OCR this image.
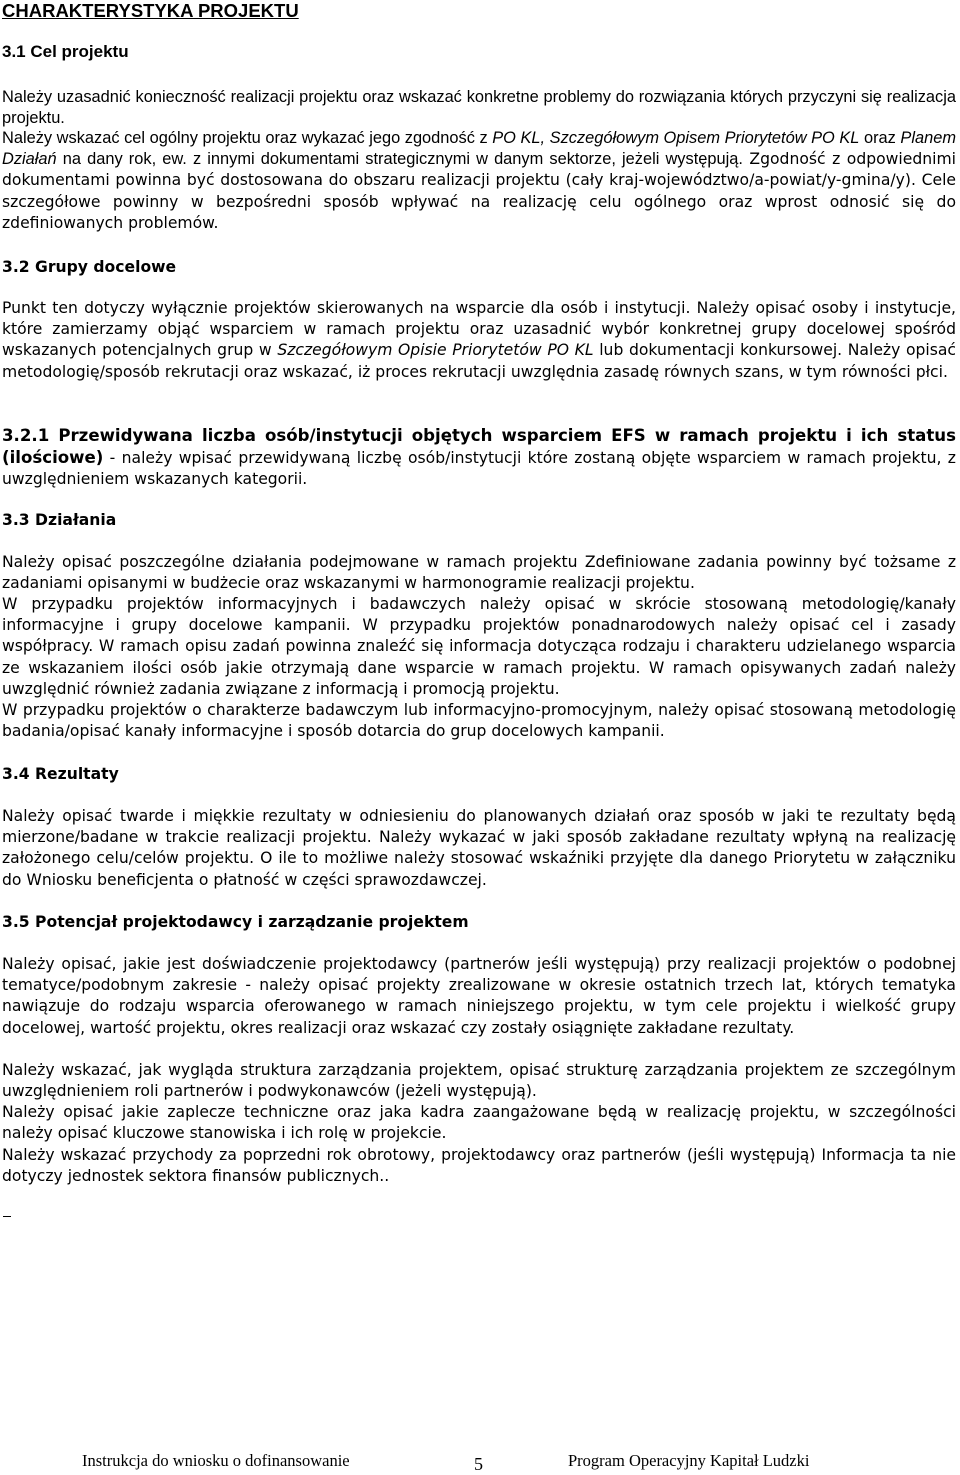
CHARAKTERYSTYKA PROJEKTU

3.1 Cel projektu

Należy uzasadnić konieczność realizacji projektu oraz wskazać konkretne problemy do rozwiązania których przyczyni się realizacja projektu.

Należy wskazać cel ogólny projektu oraz wykazać jego zgodność z PO KL, Szczegółowym Opisem Priorytetów PO KL oraz Planem Działań na dany rok, ew. z innymi dokumentami strategicznymi w danym sektorze, jeżeli występują. Zgodność z odpowiednimi dokumentami powinna być dostosowana do obszaru realizacji projektu (cały kraj-województwo/a-powiat/y-gmina/y). Cele szczegółowe powinny w bezpośredni sposób wpływać na realizację celu ogólnego oraz wprost odnosić się do zdefiniowanych problemów.

3.2 Grupy docelowe

Punkt ten dotyczy wyłącznie projektów skierowanych na wsparcie dla osób i instytucji. Należy opisać osoby i instytucje, które zamierzamy objąć wsparciem w ramach projektu oraz uzasadnić wybór konkretnej grupy docelowej spośród wskazanych potencjalnych grup w Szczegółowym Opisie Priorytetów PO KL lub dokumentacji konkursowej. Należy opisać metodologię/sposób rekrutacji oraz wskazać, iż proces rekrutacji uwzględnia zasadę równych szans, w tym równości płci.

3.2.1 Przewidywana liczba osób/instytucji objętych wsparciem EFS w ramach projektu i ich status (ilościowe) - należy wpisać przewidywaną liczbę osób/instytucji które zostaną objęte wsparciem w ramach projektu, z uwzględnieniem wskazanych kategorii.

3.3 Działania

Należy opisać poszczególne działania podejmowane w ramach projektu Zdefiniowane zadania powinny być tożsame z zadaniami opisanymi w budżecie oraz wskazanymi w harmonogramie realizacji projektu.

W przypadku projektów informacyjnych i badawczych należy opisać w skrócie stosowaną metodologię/kanały informacyjne i grupy docelowe kampanii. W przypadku projektów ponadnarodowych należy opisać cel i zasady współpracy. W ramach opisu zadań powinna znaleźć się informacja dotycząca rodzaju i charakteru udzielanego wsparcia ze wskazaniem ilości osób jakie otrzymają dane wsparcie w ramach projektu. W ramach opisywanych zadań należy uwzględnić również zadania związane z informacją i promocją projektu.

W przypadku projektów o charakterze badawczym lub informacyjno-promocyjnym, należy opisać stosowaną metodologię badania/opisać kanały informacyjne i sposób dotarcia do grup docelowych kampanii.

3.4 Rezultaty

Należy opisać twarde i miękkie rezultaty w odniesieniu do planowanych działań oraz sposób w jaki te rezultaty będą mierzone/badane w trakcie realizacji projektu. Należy wykazać w jaki sposób zakładane rezultaty wpłyną na realizację założonego celu/celów projektu. O ile to możliwe należy stosować wskaźniki przyjęte dla danego Priorytetu w załączniku do Wniosku beneficjenta o płatność w części sprawozdawczej.

3.5 Potencjał projektodawcy i zarządzanie projektem

Należy opisać, jakie jest doświadczenie projektodawcy (partnerów jeśli występują) przy realizacji projektów o podobnej tematyce/podobnym zakresie - należy opisać projekty zrealizowane w okresie ostatnich trzech lat, których tematyka nawiązuje do rodzaju wsparcia oferowanego w ramach niniejszego projektu, w tym cele projektu i wielkość grupy docelowej, wartość projektu, okres realizacji oraz wskazać czy zostały osiągnięte zakładane rezultaty.

Należy wskazać, jak wygląda struktura zarządzania projektem, opisać strukturę zarządzania projektem ze szczególnym uwzględnieniem roli partnerów i podwykonawców (jeżeli występują).

Należy opisać jakie zaplecze techniczne oraz jaka kadra zaangażowane będą w realizację projektu, w szczególności należy opisać kluczowe stanowiska i ich rolę w projekcie.

Należy wskazać przychody za poprzedni rok obrotowy, projektodawcy oraz partnerów (jeśli występują) Informacja ta nie dotyczy jednostek sektora finansów publicznych..

Instrukcja do wniosku o dofinansowanie	5	Program Operacyjny Kapitał Ludzki
